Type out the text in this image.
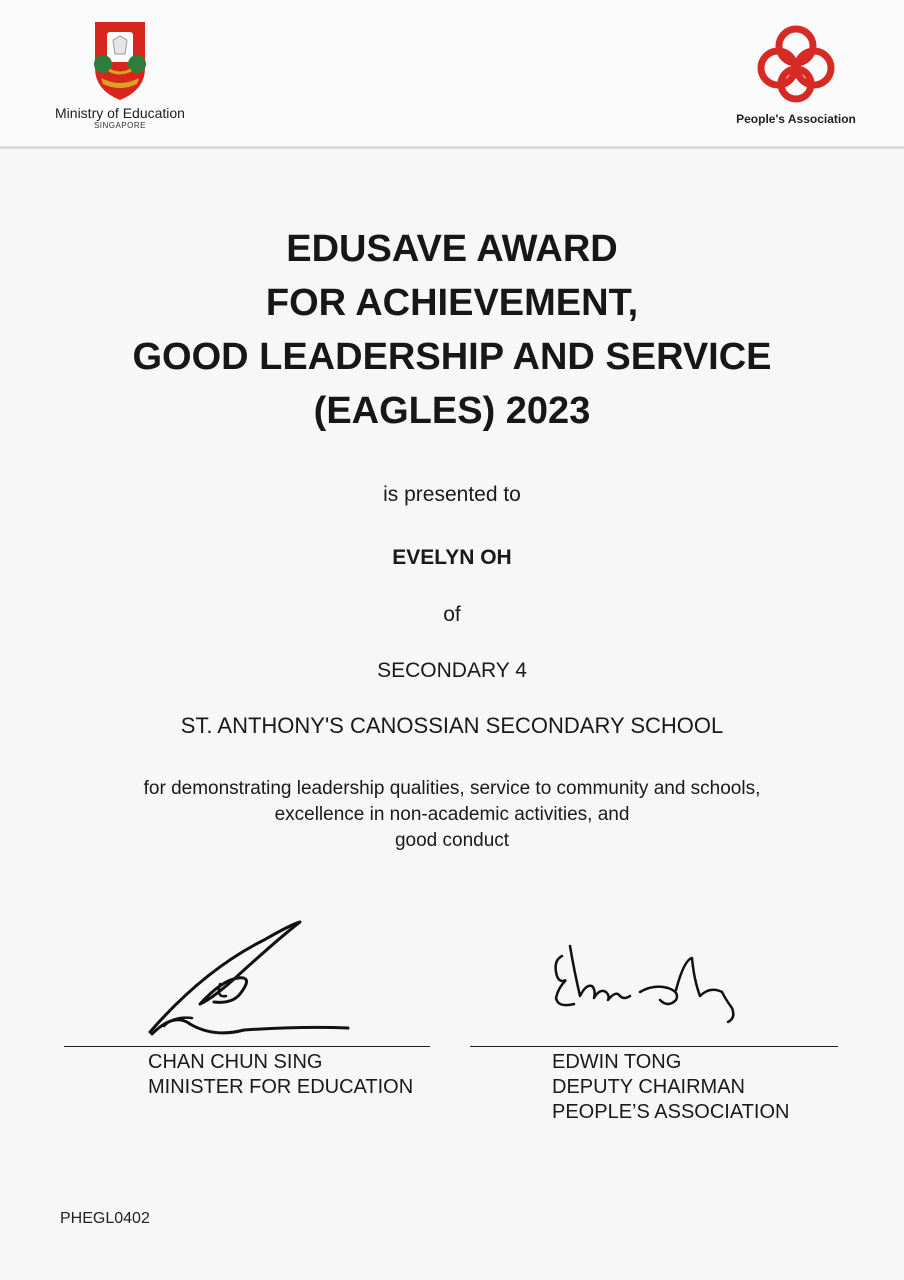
Ministry of Education
SINGAPORE	People's Association
EDUSAVE AWARD
FOR ACHIEVEMENT,
GOOD LEADERSHIP AND SERVICE
(EAGLES) 2023
is presented to
EVELYN OH
of
SECONDARY 4
ST. ANTHONY'S CANOSSIAN SECONDARY SCHOOL
for demonstrating leadership qualities, service to community and schools,
excellence in non-academic activities, and
good conduct
CHAN CHUN SING
MINISTER FOR EDUCATION
EDWIN TONG
DEPUTY CHAIRMAN
PEOPLE’S ASSOCIATION
PHEGL0402
